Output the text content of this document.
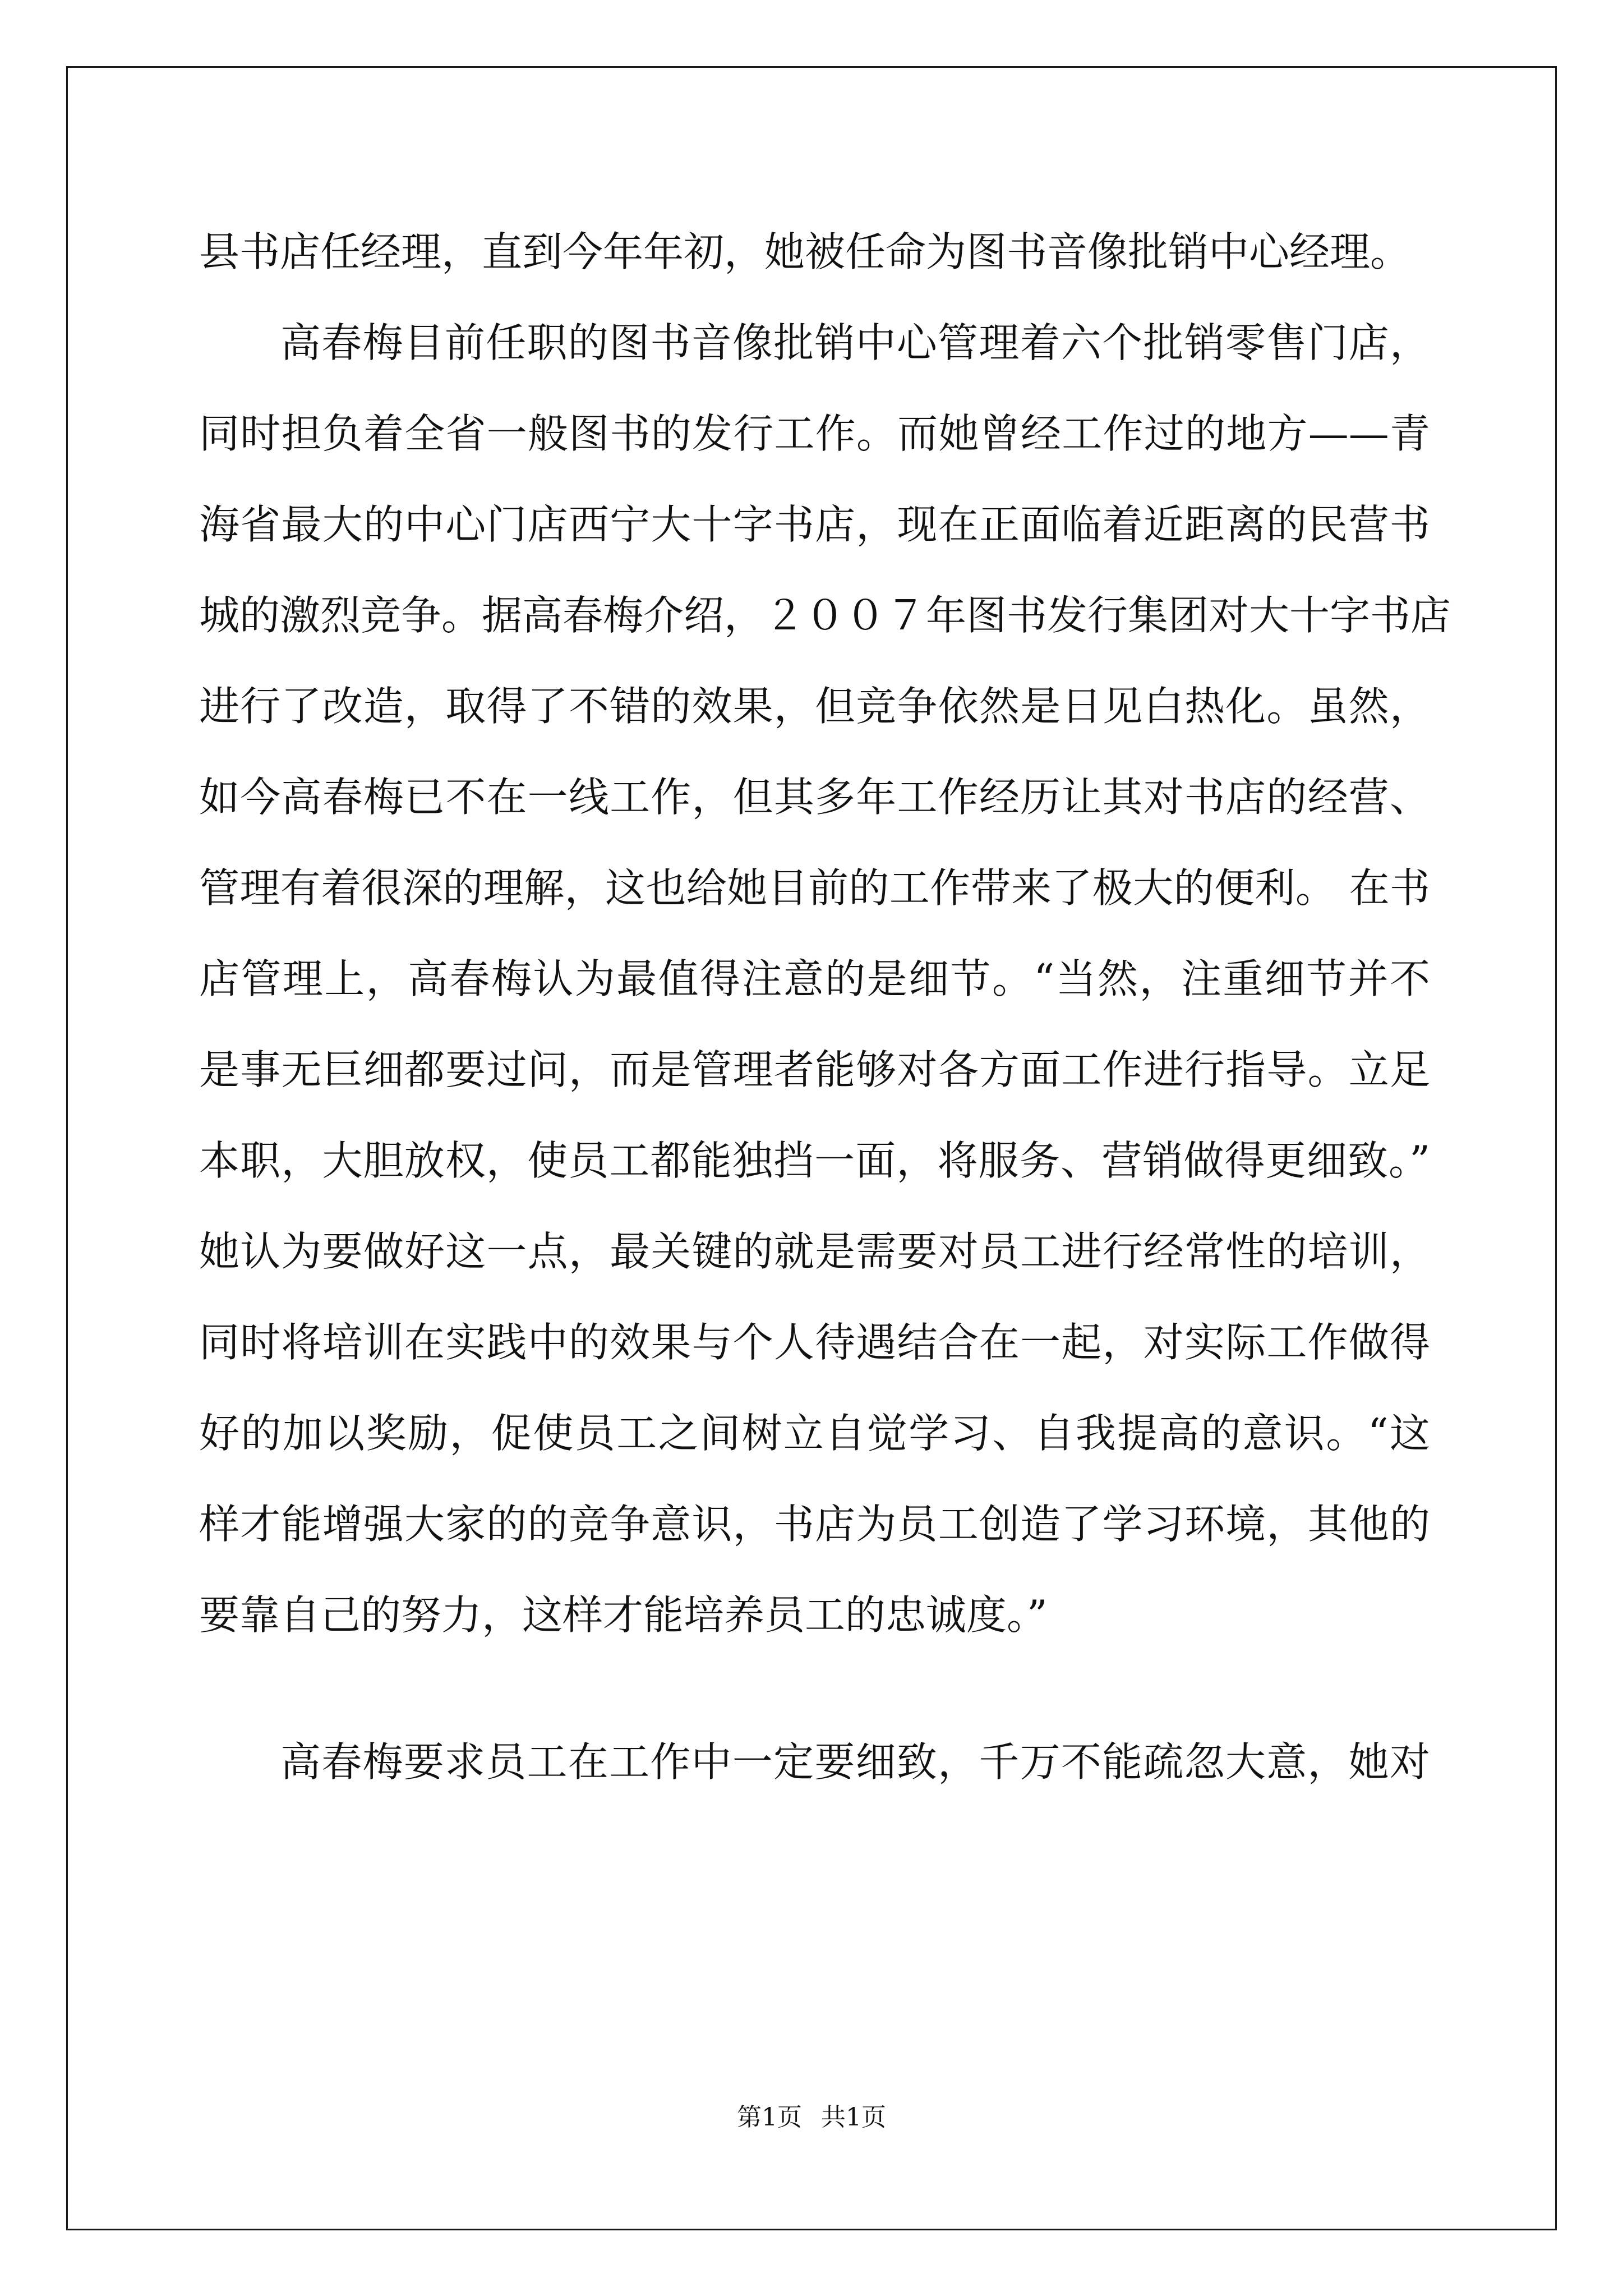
县书店任经理，直到今年年初，她被任命为图书音像批销中心经理。
高春梅目前任职的图书音像批销中心管理着六个批销零售门店，
同时担负着全省一般图书的发行工作。而她曾经工作过的地方——青
海省最大的中心门店西宁大十字书店，现在正面临着近距离的民营书
城的激烈竞争。据高春梅介绍，２００７年图书发行集团对大十字书店
进行了改造，取得了不错的效果，但竞争依然是日见白热化。虽然，
如今高春梅已不在一线工作，但其多年工作经历让其对书店的经营、
管理有着很深的理解，这也给她目前的工作带来了极大的便利。 在书
店管理上，高春梅认为最值得注意的是细节。“当然，注重细节并不
是事无巨细都要过问，而是管理者能够对各方面工作进行指导。立足
本职，大胆放权，使员工都能独挡一面，将服务、营销做得更细致。”
她认为要做好这一点，最关键的就是需要对员工进行经常性的培训，
同时将培训在实践中的效果与个人待遇结合在一起，对实际工作做得
好的加以奖励，促使员工之间树立自觉学习、自我提高的意识。“这
样才能增强大家的的竞争意识，书店为员工创造了学习环境，其他的
要靠自己的努力，这样才能培养员工的忠诚度。”
高春梅要求员工在工作中一定要细致，千万不能疏忽大意，她对
第1页 共1页
